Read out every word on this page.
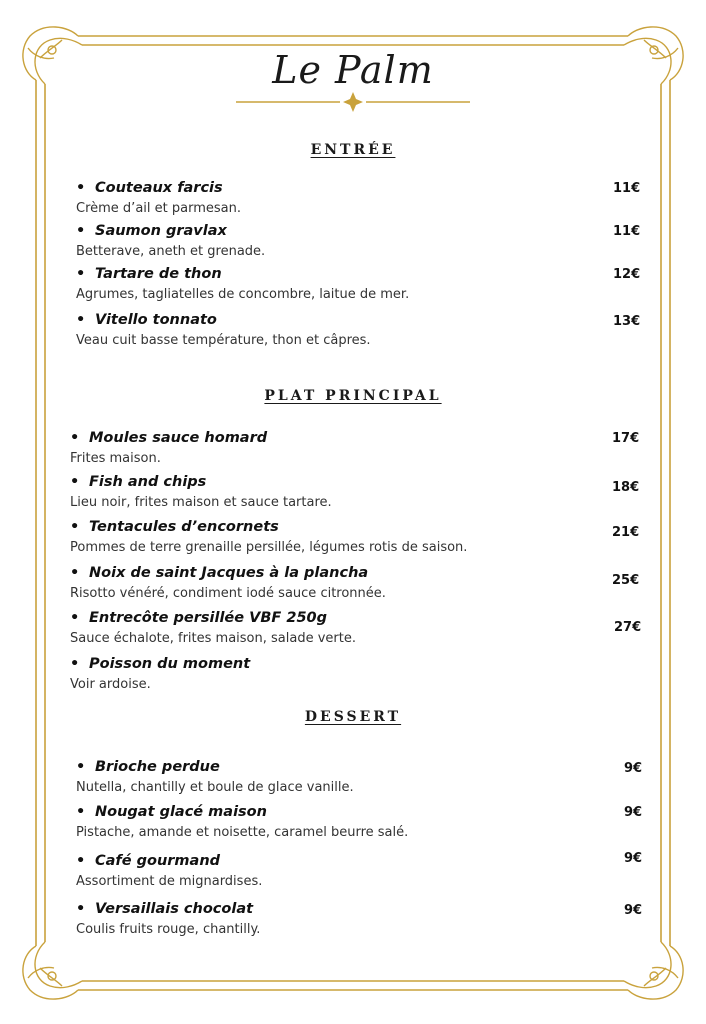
Le Palm
ENTRÉE
• Couteaux farcis
Crème d’ail et parmesan.
11€
• Saumon gravlax
Betterave, aneth et grenade.
11€
• Tartare de thon
Agrumes, tagliatelles de concombre, laitue de mer.
12€
• Vitello tonnato
Veau cuit basse température, thon et câpres.
13€
PLAT PRINCIPAL
• Moules sauce homard
Frites maison.
17€
• Fish and chips
Lieu noir, frites maison et sauce tartare.
18€
• Tentacules d’encornets
Pommes de terre grenaille persillée, légumes rotis de saison.
21€
• Noix de saint Jacques à la plancha
Risotto vénéré, condiment iodé sauce citronnée.
25€
• Entrecôte persillée VBF 250g
Sauce échalote, frites maison, salade verte.
27€
• Poisson du moment
Voir ardoise.
DESSERT
• Brioche perdue
Nutella, chantilly et boule de glace vanille.
9€
• Nougat glacé maison
Pistache, amande et noisette, caramel beurre salé.
9€
• Café gourmand
Assortiment de mignardises.
9€
• Versaillais chocolat
Coulis fruits rouge, chantilly.
9€
